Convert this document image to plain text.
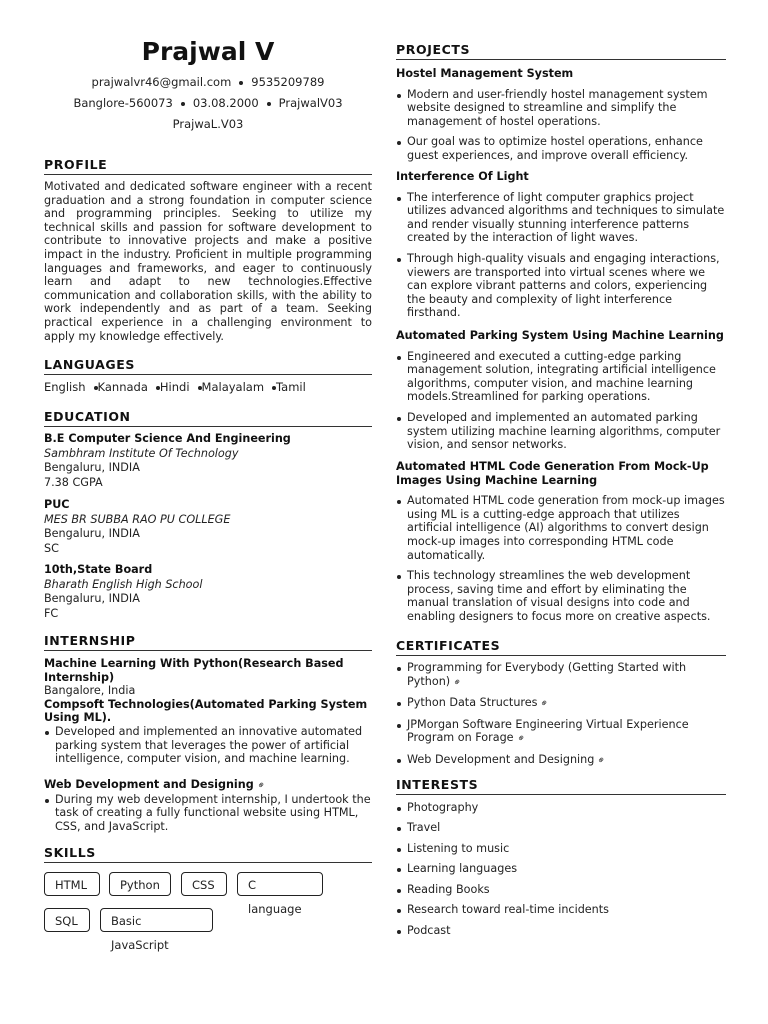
Prajwal V
prajwalvr46@gmail.com 9535209789
Banglore-560073 03.08.2000 PrajwalV03
PrajwaL.V03
PROFILE
Motivated and dedicated software engineer with a recent graduation and a strong foundation in computer science and programming principles. Seeking to utilize my technical skills and passion for software development to contribute to innovative projects and make a positive impact in the industry. Proficient in multiple programming languages and frameworks, and eager to continuously learn and adapt to new technologies.Effective communication and collaboration skills, with the ability to work independently and as part of a team. Seeking practical experience in a challenging environment to apply my knowledge effectively.
LANGUAGES
English Kannada Hindi Malayalam Tamil
EDUCATION
B.E Computer Science And Engineering
Sambhram Institute Of Technology
Bengaluru, INDIA
7.38 CGPA
PUC
MES BR SUBBA RAO PU COLLEGE
Bengaluru, INDIA
SC
10th,State Board
Bharath English High School
Bengaluru, INDIA
FC
INTERNSHIP
Machine Learning With Python(Research Based Internship)
Bangalore, India
Compsoft Technologies(Automated Parking System Using ML).
Developed and implemented an innovative automated parking system that leverages the power of artificial intelligence, computer vision, and machine learning.
Web Development and Designing⚭
During my web development internship, I undertook the task of creating a fully functional website using HTML, CSS, and JavaScript.
SKILLS
HTML	Python	CSS	C language
SQL	Basic JavaScript
PROJECTS
Hostel Management System
Modern and user-friendly hostel management system website designed to streamline and simplify the management of hostel operations.
Our goal was to optimize hostel operations, enhance guest experiences, and improve overall efficiency.
Interference Of Light
The interference of light computer graphics project utilizes advanced algorithms and techniques to simulate and render visually stunning interference patterns created by the interaction of light waves.
Through high-quality visuals and engaging interactions, viewers are transported into virtual scenes where we can explore vibrant patterns and colors, experiencing the beauty and complexity of light interference firsthand.
Automated Parking System Using Machine Learning
Engineered and executed a cutting-edge parking management solution, integrating artificial intelligence algorithms, computer vision, and machine learning models.Streamlined for parking operations.
Developed and implemented an automated parking system utilizing machine learning algorithms, computer vision, and sensor networks.
Automated HTML Code Generation From Mock-Up Images Using Machine Learning
Automated HTML code generation from mock-up images using ML is a cutting-edge approach that utilizes artificial intelligence (AI) algorithms to convert design mock-up images into corresponding HTML code automatically.
This technology streamlines the web development process, saving time and effort by eliminating the manual translation of visual designs into code and enabling designers to focus more on creative aspects.
CERTIFICATES
Programming for Everybody (Getting Started with Python)⚭
Python Data Structures⚭
JPMorgan Software Engineering Virtual Experience Program on Forage⚭
Web Development and Designing⚭
INTERESTS
Photography
Travel
Listening to music
Learning languages
Reading Books
Research toward real-time incidents
Podcast
